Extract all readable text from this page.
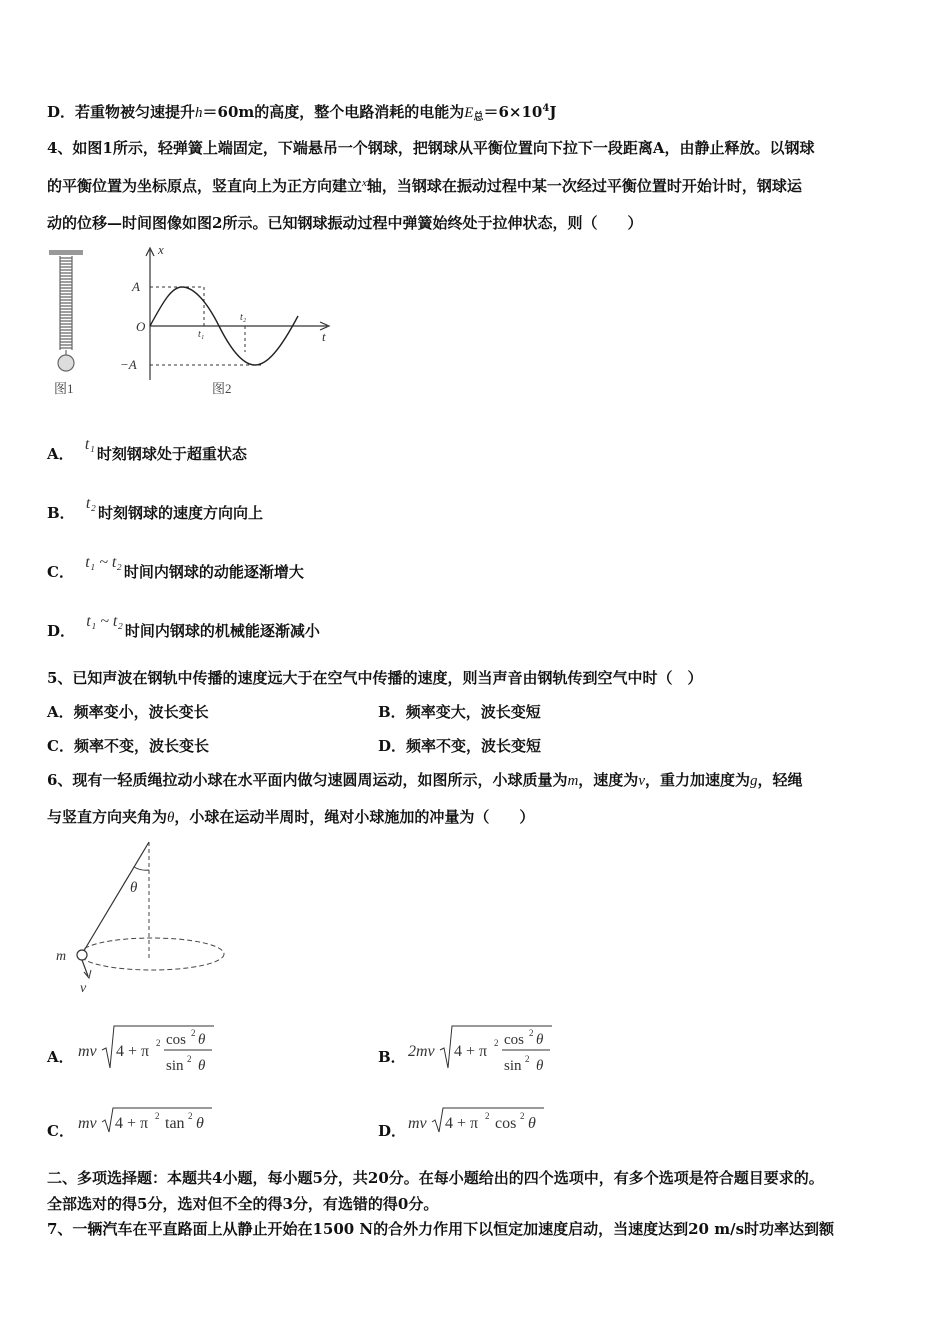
D．若重物被匀速提升h＝60m的高度，整个电路消耗的电能为$E_总=6\times 10^4J$
4、如图1所示，轻弹簧上端固定，下端悬吊一个钢球，把钢球从平衡位置向下拉下一段距离A，由静止释放。以钢球
的平衡位置为坐标原点，竖直向上为正方向建立$^x$轴，当钢球在振动过程中某一次经过平衡位置时开始计时，钢球运
动的位移—时间图像如图2所示。已知钢球振动过程中弹簧始终处于拉伸状态，则（　　）
图1
x
t
A
−A
O
t₁
t₂
图2
A． t₁时刻钢球处于超重状态
B． t₂时刻钢球的速度方向向上
C． t₁ ~ t₂时间内钢球的动能逐渐增大
D． t₁ ~ t₂时间内钢球的机械能逐渐减小
5、已知声波在钢轨中传播的速度远大于在空气中传播的速度，则当声音由钢轨传到空气中时（　）
A．频率变小，波长变长	B．频率变大，波长变短
C．频率不变，波长变长	D．频率不变，波长变短
6、现有一轻质绳拉动小球在水平面内做匀速圆周运动，如图所示，小球质量为m，速度为v，重力加速度为g，轻绳
与竖直方向夹角为θ，小球在运动半周时，绳对小球施加的冲量为（　　）
θ
m
v
A． mv 4 + π 2 cos 2 θ
sin 2 θ	B． 2mv 4 + π 2 cos 2 θ
sin 2 θ
C． mv 4 + π 2 tan 2 θ	D． mv 4 + π 2 cos 2 θ
二、多项选择题：本题共4小题，每小题5分，共20分。在每小题给出的四个选项中，有多个选项是符合题目要求的。
全部选对的得5分，选对但不全的得3分，有选错的得0分。
7、一辆汽车在平直路面上从静止开始在1500 N的合外力作用下以恒定加速度启动，当速度达到20 m/s时功率达到额
